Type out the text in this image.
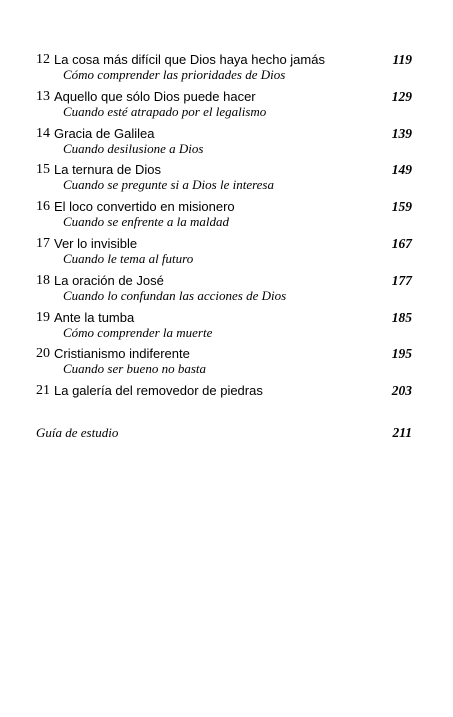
12 La cosa más difícil que Dios haya hecho jamás
Cómo comprender las prioridades de Dios
119
13 Aquello que sólo Dios puede hacer
Cuando esté atrapado por el legalismo
129
14 Gracia de Galilea
Cuando desilusione a Dios
139
15 La ternura de Dios
Cuando se pregunte si a Dios le interesa
149
16 El loco convertido en misionero
Cuando se enfrente a la maldad
159
17 Ver lo invisible
Cuando le tema al futuro
167
18 La oración de José
Cuando lo confundan las acciones de Dios
177
19 Ante la tumba
Cómo comprender la muerte
185
20 Cristianismo indiferente
Cuando ser bueno no basta
195
21 La galería del removedor de piedras	203
Guía de estudio	211
